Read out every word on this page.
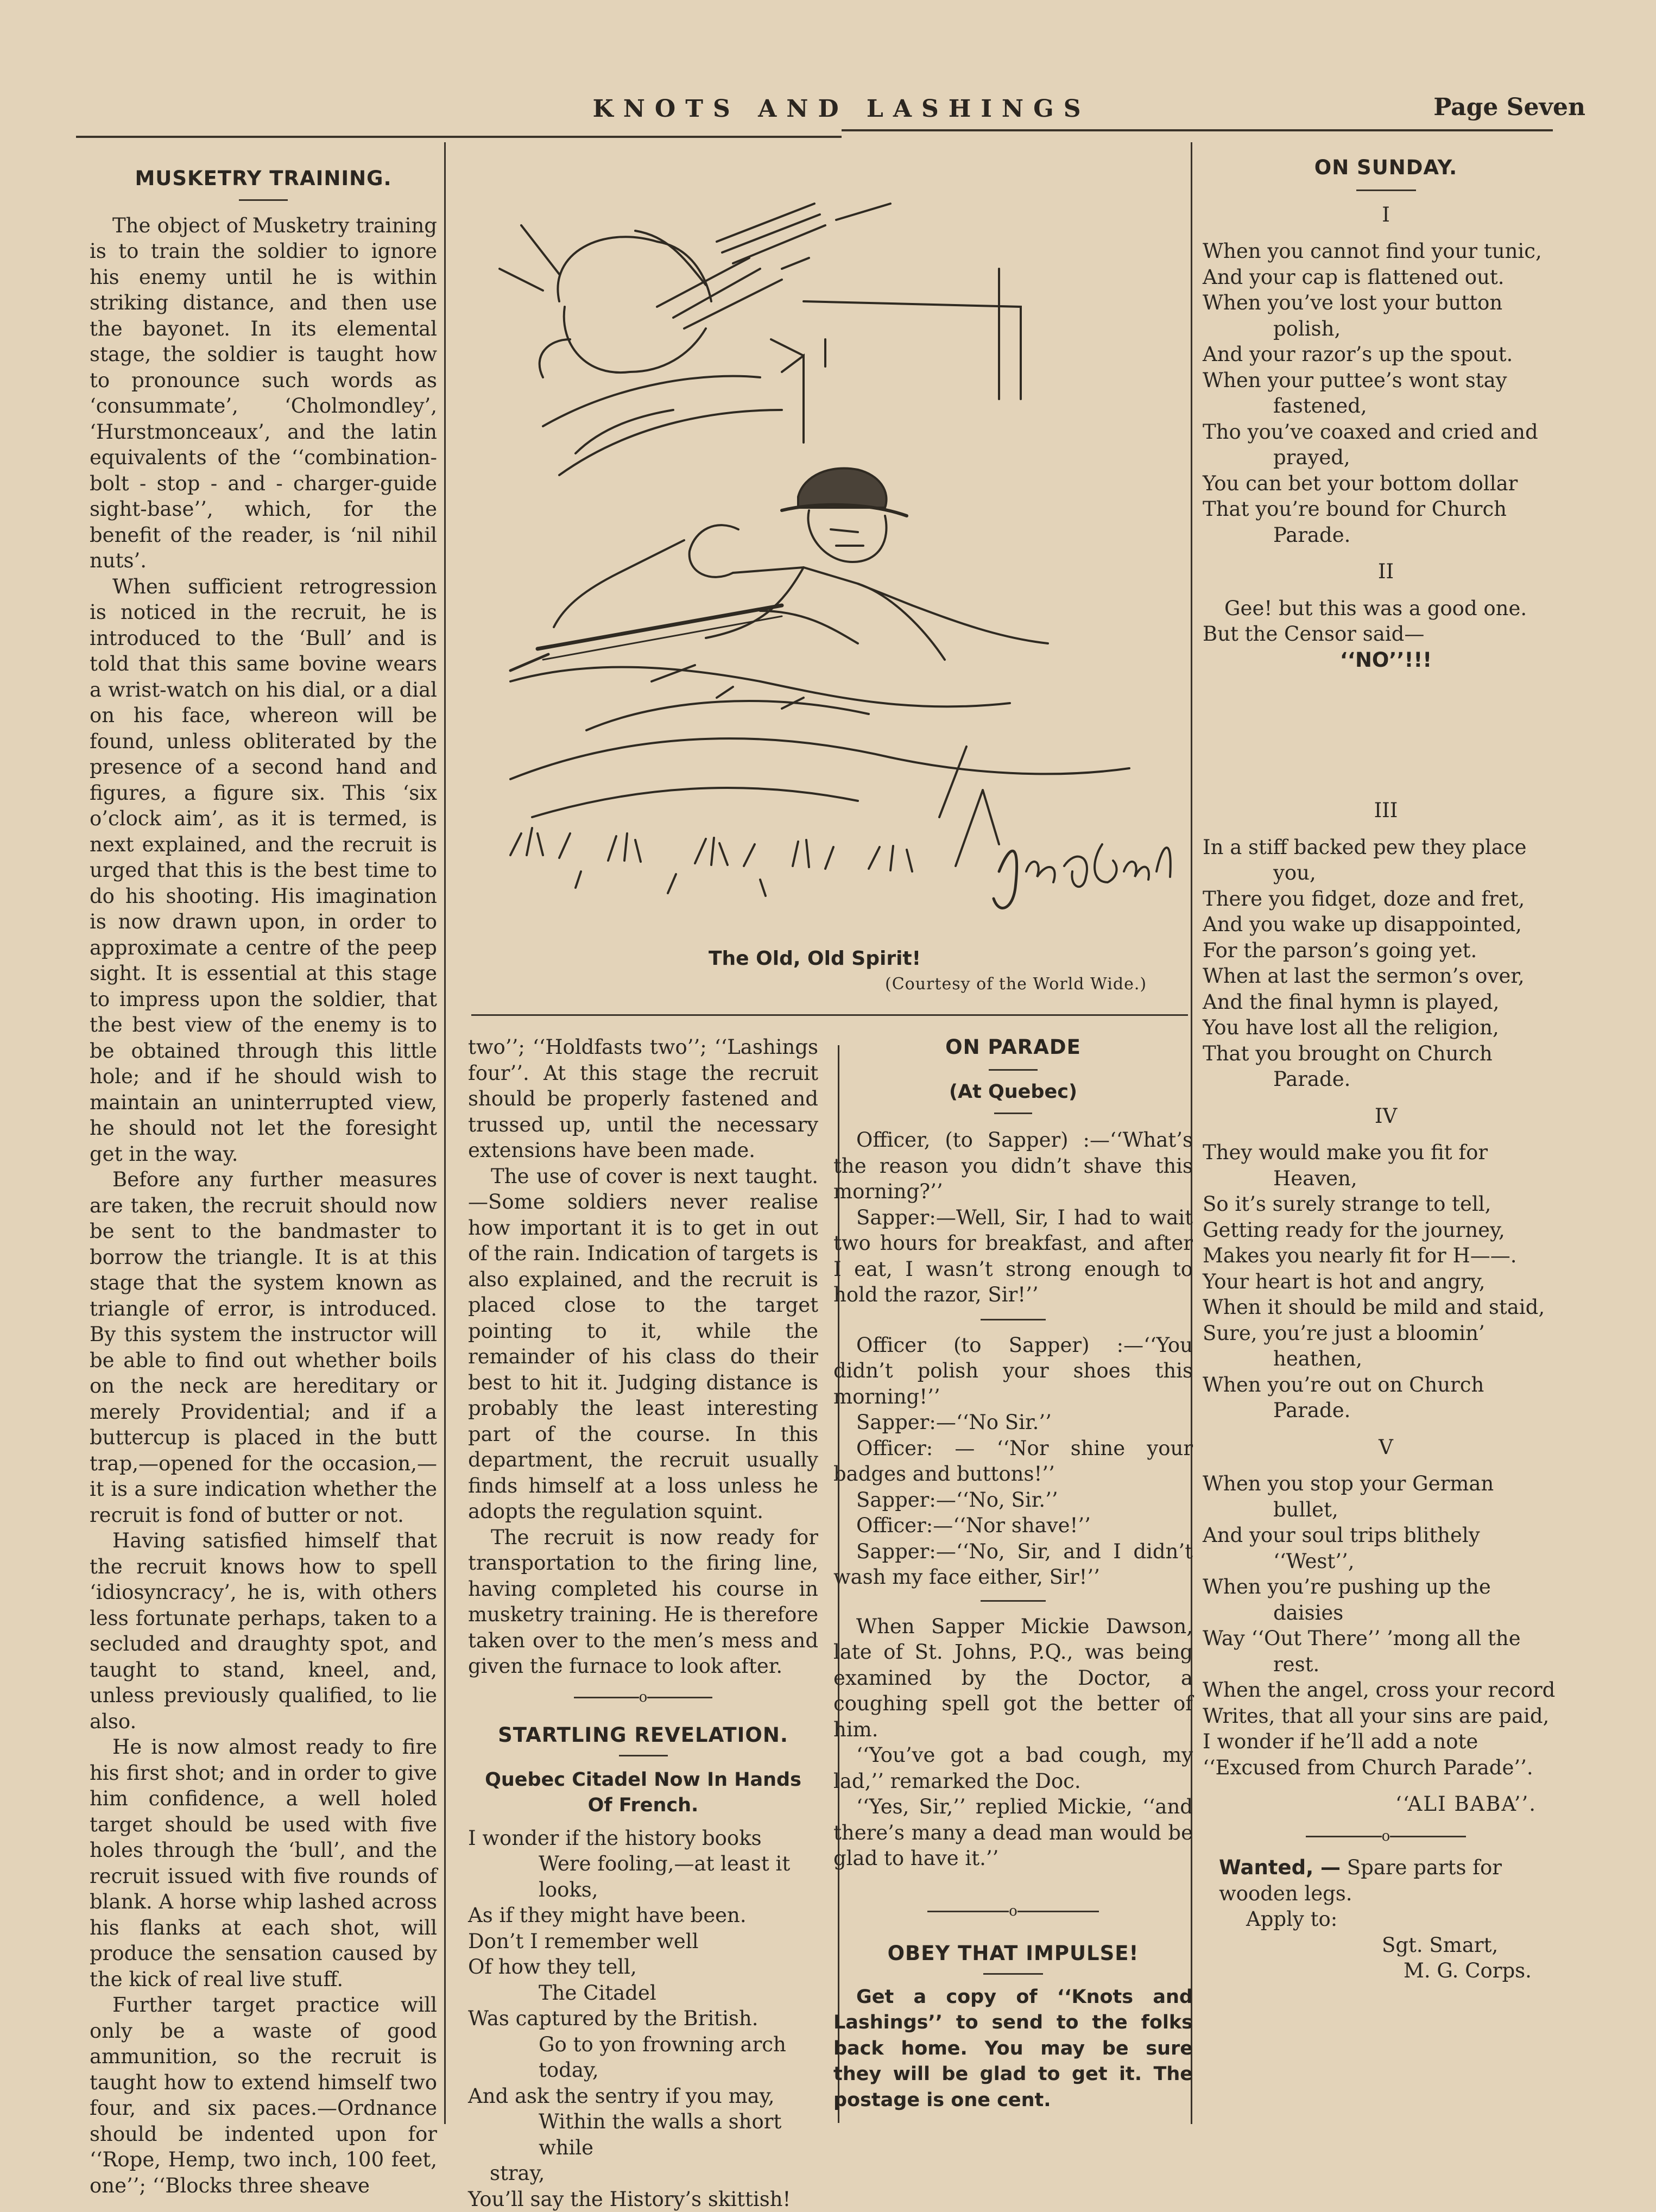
KNOTS AND LASHINGS	Page Seven
MUSKETRY TRAINING.

The object of Musketry training is to train the soldier to ignore his enemy until he is within striking distance, and then use the bayonet. In its elemental stage, the soldier is taught how to pronounce such words as ‘consummate’, ‘Cholmondley’, ‘Hurstmonceaux’, and the latin equivalents of the ‘‘combination-bolt - stop - and - charger-guide sight-base’’, which, for the benefit of the reader, is ‘nil nihil nuts’.

When sufficient retrogression is noticed in the recruit, he is introduced to the ‘Bull’ and is told that this same bovine wears a wrist-watch on his dial, or a dial on his face, whereon will be found, unless obliterated by the presence of a second hand and figures, a figure six. This ‘six o’clock aim’, as it is termed, is next explained, and the recruit is urged that this is the best time to do his shooting. His imagination is now drawn upon, in order to approximate a centre of the peep sight. It is essential at this stage to impress upon the soldier, that the best view of the enemy is to be obtained through this little hole; and if he should wish to maintain an uninterrupted view, he should not let the foresight get in the way.

Before any further measures are taken, the recruit should now be sent to the bandmaster to borrow the triangle. It is at this stage that the system known as triangle of error, is introduced. By this system the instructor will be able to find out whether boils on the neck are hereditary or merely Providential; and if a buttercup is placed in the butt trap,—opened for the occasion,—it is a sure indication whether the recruit is fond of butter or not.

Having satisfied himself that the recruit knows how to spell ‘idiosyncracy’, he is, with others less fortunate perhaps, taken to a secluded and draughty spot, and taught to stand, kneel, and, unless previously qualified, to lie also.

He is now almost ready to fire his first shot; and in order to give him confidence, a well holed target should be used with five holes through the ‘bull’, and the recruit issued with five rounds of blank. A horse whip lashed across his flanks at each shot, will produce the sensation caused by the kick of real live stuff.

Further target practice will only be a waste of good ammunition, so the recruit is taught how to extend himself two four, and six paces.—Ordnance should be indented upon for ‘‘Rope, Hemp, two inch, 100 feet, one’’; ‘‘Blocks three sheave

Jno Cassel
The Old, Old Spirit!
(Courtesy of the World Wide.)

two’’; ‘‘Holdfasts two’’; ‘‘Lashings four’’. At this stage the recruit should be properly fastened and trussed up, until the necessary extensions have been made.

The use of cover is next taught.—Some soldiers never realise how important it is to get in out of the rain. Indication of targets is also explained, and the recruit is placed close to the target pointing to it, while the remainder of his class do their best to hit it. Judging distance is probably the least interesting part of the course. In this department, the recruit usually finds himself at a loss unless he adopts the regulation squint.

The recruit is now ready for transportation to the firing line, having completed his course in musketry training. He is therefore taken over to the men’s mess and given the furnace to look after.

o
STARTLING REVELATION.
Quebec Citadel Now In Hands Of French.
I wonder if the history books
Were fooling,—at least it looks,
As if they might have been.
Don’t I remember well
Of how they tell,
The Citadel
Was captured by the British.
Go to yon frowning arch today,
And ask the sentry if you may,
Within the walls a short while
stray,
You’ll say the History’s skittish!
ON PARADE
(At Quebec)

Officer, (to Sapper) :—‘‘What’s the reason you didn’t shave this morning?’’

Sapper:—Well, Sir, I had to wait two hours for breakfast, and after I eat, I wasn’t strong enough to hold the razor, Sir!’’

Officer (to Sapper) :—‘‘You didn’t polish your shoes this morning!’’

Sapper:—‘‘No Sir.’’

Officer: — ‘‘Nor shine your badges and buttons!’’

Sapper:—‘‘No, Sir.’’

Officer:—‘‘Nor shave!’’

Sapper:—‘‘No, Sir, and I didn’t wash my face either, Sir!’’

When Sapper Mickie Dawson, late of St. Johns, P.Q., was being examined by the Doctor, a coughing spell got the better of him.

‘‘You’ve got a bad cough, my lad,’’ remarked the Doc.

‘‘Yes, Sir,’’ replied Mickie, ‘‘and there’s many a dead man would be glad to have it.’’

o
OBEY THAT IMPULSE!

Get a copy of ‘‘Knots and Lashings’’ to send to the folks back home. You may be sure they will be glad to get it. The postage is one cent.

ON SUNDAY.
I
When you cannot find your tunic,
And your cap is flattened out.
When you’ve lost your button
polish,
And your razor’s up the spout.
When your puttee’s wont stay
fastened,
Tho you’ve coaxed and cried and
prayed,
You can bet your bottom dollar
That you’re bound for Church
Parade.
II
Gee! but this was a good one.
But the Censor said—
‘‘NO’’!!!
III
In a stiff backed pew they place
you,
There you fidget, doze and fret,
And you wake up disappointed,
For the parson’s going yet.
When at last the sermon’s over,
And the final hymn is played,
You have lost all the religion,
That you brought on Church
Parade.
IV
They would make you fit for
Heaven,
So it’s surely strange to tell,
Getting ready for the journey,
Makes you nearly fit for H——.
Your heart is hot and angry,
When it should be mild and staid,
Sure, you’re just a bloomin’
heathen,
When you’re out on Church
Parade.
V
When you stop your German
bullet,
And your soul trips blithely
‘‘West’’,
When you’re pushing up the
daisies
Way ‘‘Out There’’ ’mong all the
rest.
When the angel, cross your record
Writes, that all your sins are paid,
I wonder if he’ll add a note
‘‘Excused from Church Parade’’.
‘‘ALI BABA’’.
o
Wanted, — Spare parts for wooden legs.
Apply to:
Sgt. Smart,
M. G. Corps.
